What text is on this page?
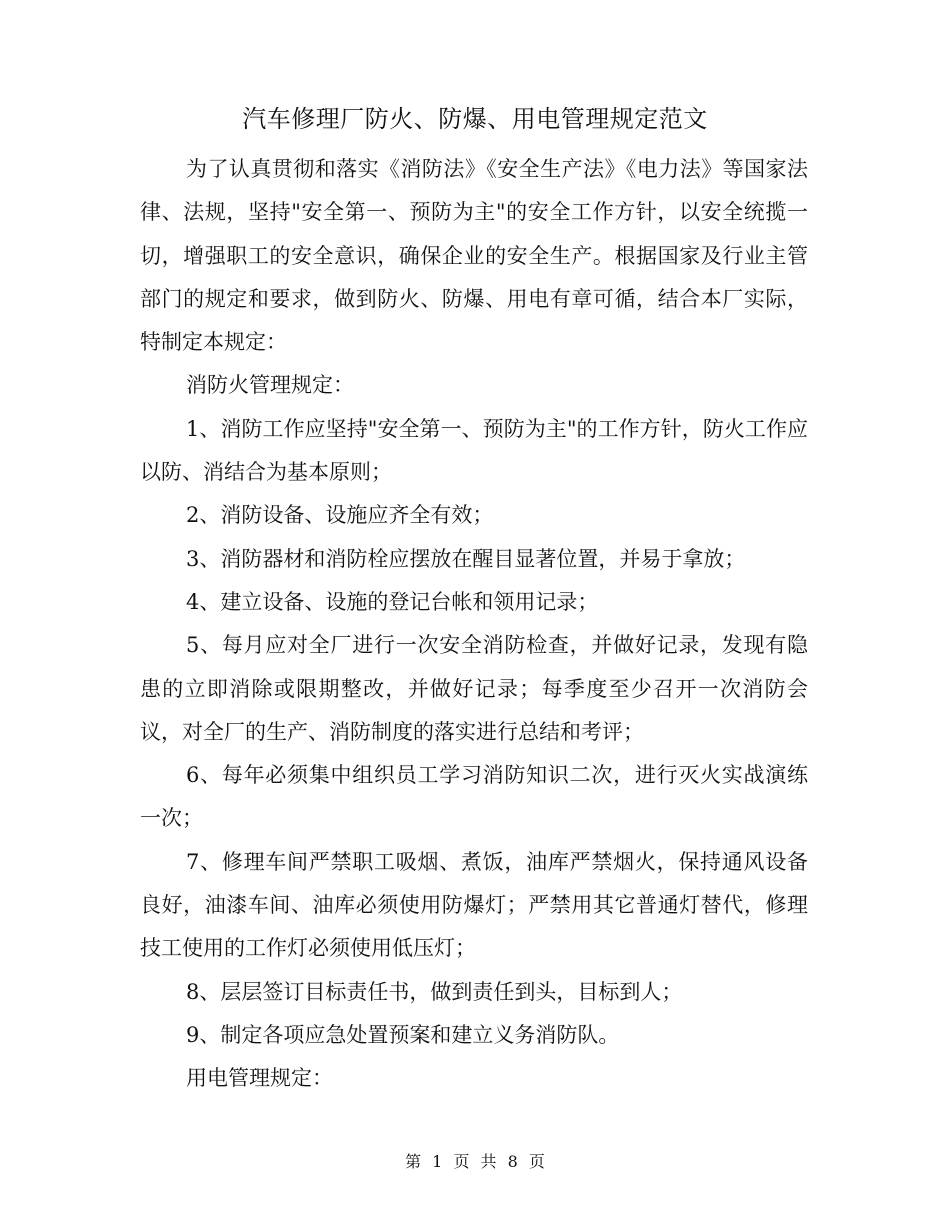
汽车修理厂防火、防爆、用电管理规定范文

为了认真贯彻和落实《消防法》《安全生产法》《电力法》等国家法律、法规，坚持"安全第一、预防为主"的安全工作方针，以安全统揽一切，增强职工的安全意识，确保企业的安全生产。根据国家及行业主管部门的规定和要求，做到防火、防爆、用电有章可循，结合本厂实际，特制定本规定：

消防火管理规定：

1、消防工作应坚持"安全第一、预防为主"的工作方针，防火工作应以防、消结合为基本原则；

2、消防设备、设施应齐全有效；

3、消防器材和消防栓应摆放在醒目显著位置，并易于拿放；

4、建立设备、设施的登记台帐和领用记录；

5、每月应对全厂进行一次安全消防检查，并做好记录，发现有隐患的立即消除或限期整改，并做好记录；每季度至少召开一次消防会议，对全厂的生产、消防制度的落实进行总结和考评；

6、每年必须集中组织员工学习消防知识二次，进行灭火实战演练一次；

7、修理车间严禁职工吸烟、煮饭，油库严禁烟火，保持通风设备良好，油漆车间、油库必须使用防爆灯；严禁用其它普通灯替代，修理技工使用的工作灯必须使用低压灯；

8、层层签订目标责任书，做到责任到头，目标到人；

9、制定各项应急处置预案和建立义务消防队。

用电管理规定：

第 1 页 共 8 页
